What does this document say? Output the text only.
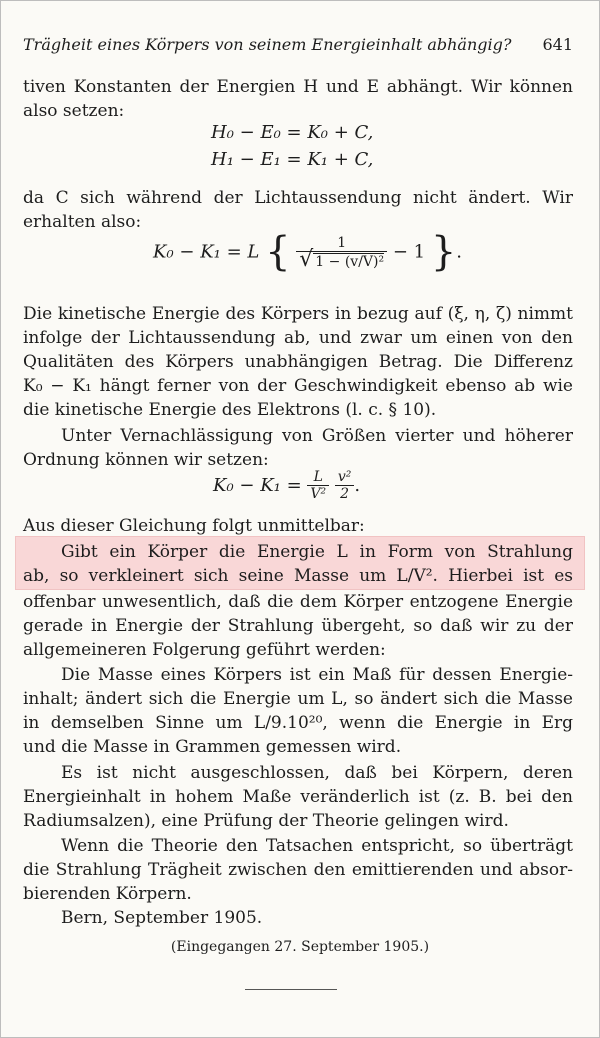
Trägheit eines Körpers von seinem Energieinhalt abhängig? 641
tiven Konstanten der Energien H und E abhängt. Wir können
also setzen:
H₀ − E₀ = K₀ + C,
H₁ − E₁ = K₁ + C,
da C sich während der Lichtaussendung nicht ändert. Wir
erhalten also:
K₀ − K₁ = L { $\frac{1}{\text{√ 1 − (v/V)²}} - 1$ }.
Die kinetische Energie des Körpers in bezug auf (ξ, η, ζ) nimmt
infolge der Lichtaussendung ab, und zwar um einen von den
Qualitäten des Körpers unabhängigen Betrag. Die Differenz
K₀ − K₁ hängt ferner von der Geschwindigkeit ebenso ab wie
die kinetische Energie des Elektrons (l. c. § 10).
Unter Vernachlässigung von Größen vierter und höherer
Ordnung können wir setzen:
$K_0 - K_1 = \frac{L}{\text{V²}}$
$\frac{\text{v²}}{2}$ .
Aus dieser Gleichung folgt unmittelbar:
Gibt ein Körper die Energie L in Form von Strahlung
ab, so verkleinert sich seine Masse um L/V². Hierbei ist es
offenbar unwesentlich, daß die dem Körper entzogene Energie
gerade in Energie der Strahlung übergeht, so daß wir zu der
allgemeineren Folgerung geführt werden:
Die Masse eines Körpers ist ein Maß für dessen Energie-
inhalt; ändert sich die Energie um L, so ändert sich die Masse
in demselben Sinne um L/9.10²⁰, wenn die Energie in Erg
und die Masse in Grammen gemessen wird.
Es ist nicht ausgeschlossen, daß bei Körpern, deren
Energieinhalt in hohem Maße veränderlich ist (z. B. bei den
Radiumsalzen), eine Prüfung der Theorie gelingen wird.
Wenn die Theorie den Tatsachen entspricht, so überträgt
die Strahlung Trägheit zwischen den emittierenden und absor-
bierenden Körpern.
Bern, September 1905.
(Eingegangen 27. September 1905.)
